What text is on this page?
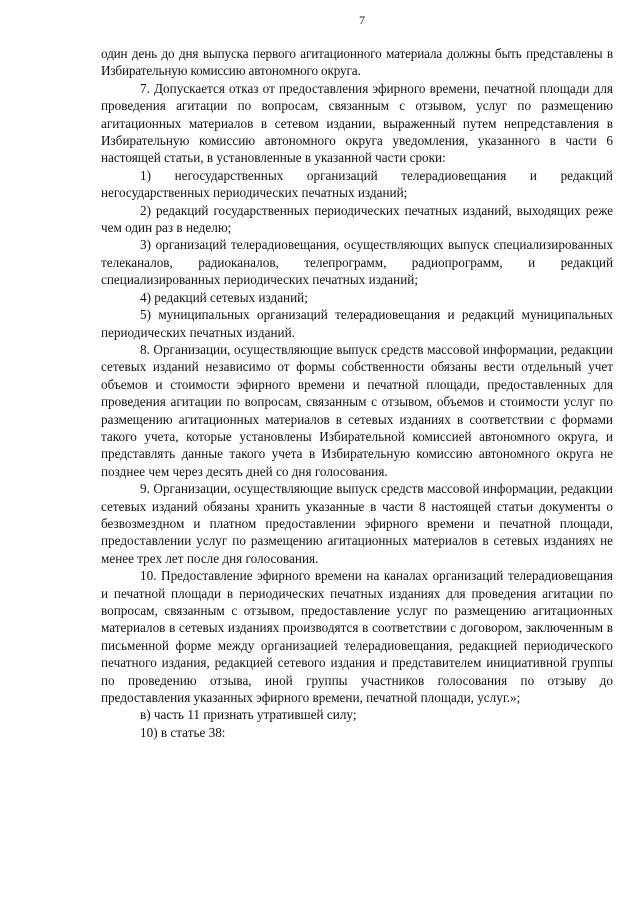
7

один день до дня выпуска первого агитационного материала должны быть представлены в Избирательную комиссию автономного округа.

7. Допускается отказ от предоставления эфирного времени, печатной площади для проведения агитации по вопросам, связанным с отзывом, услуг по размещению агитационных материалов в сетевом издании, выраженный путем непредставления в Избирательную комиссию автономного округа уведомления, указанного в части 6 настоящей статьи, в установленные в указанной части сроки:

1) негосударственных организаций телерадиовещания и редакций негосударственных периодических печатных изданий;

2) редакций государственных периодических печатных изданий, выходящих реже чем один раз в неделю;

3) организаций телерадиовещания, осуществляющих выпуск специализированных телеканалов, радиоканалов, телепрограмм, радиопрограмм, и редакций специализированных периодических печатных изданий;

4) редакций сетевых изданий;

5) муниципальных организаций телерадиовещания и редакций муниципальных периодических печатных изданий.

8. Организации, осуществляющие выпуск средств массовой информации, редакции сетевых изданий независимо от формы собственности обязаны вести отдельный учет объемов и стоимости эфирного времени и печатной площади, предоставленных для проведения агитации по вопросам, связанным с отзывом, объемов и стоимости услуг по размещению агитационных материалов в сетевых изданиях в соответствии с формами такого учета, которые установлены Избирательной комиссией автономного округа, и представлять данные такого учета в Избирательную комиссию автономного округа не позднее чем через десять дней со дня голосования.

9. Организации, осуществляющие выпуск средств массовой информации, редакции сетевых изданий обязаны хранить указанные в части 8 настоящей статьи документы о безвозмездном и платном предоставлении эфирного времени и печатной площади, предоставлении услуг по размещению агитационных материалов в сетевых изданиях не менее трех лет после дня голосования.

10. Предоставление эфирного времени на каналах организаций телерадиовещания и печатной площади в периодических печатных изданиях для проведения агитации по вопросам, связанным с отзывом, предоставление услуг по размещению агитационных материалов в сетевых изданиях производятся в соответствии с договором, заключенным в письменной форме между организацией телерадиовещания, редакцией периодического печатного издания, редакцией сетевого издания и представителем инициативной группы по проведению отзыва, иной группы участников голосования по отзыву до предоставления указанных эфирного времени, печатной площади, услуг.»;

в) часть 11 признать утратившей силу;

10) в статье 38:
